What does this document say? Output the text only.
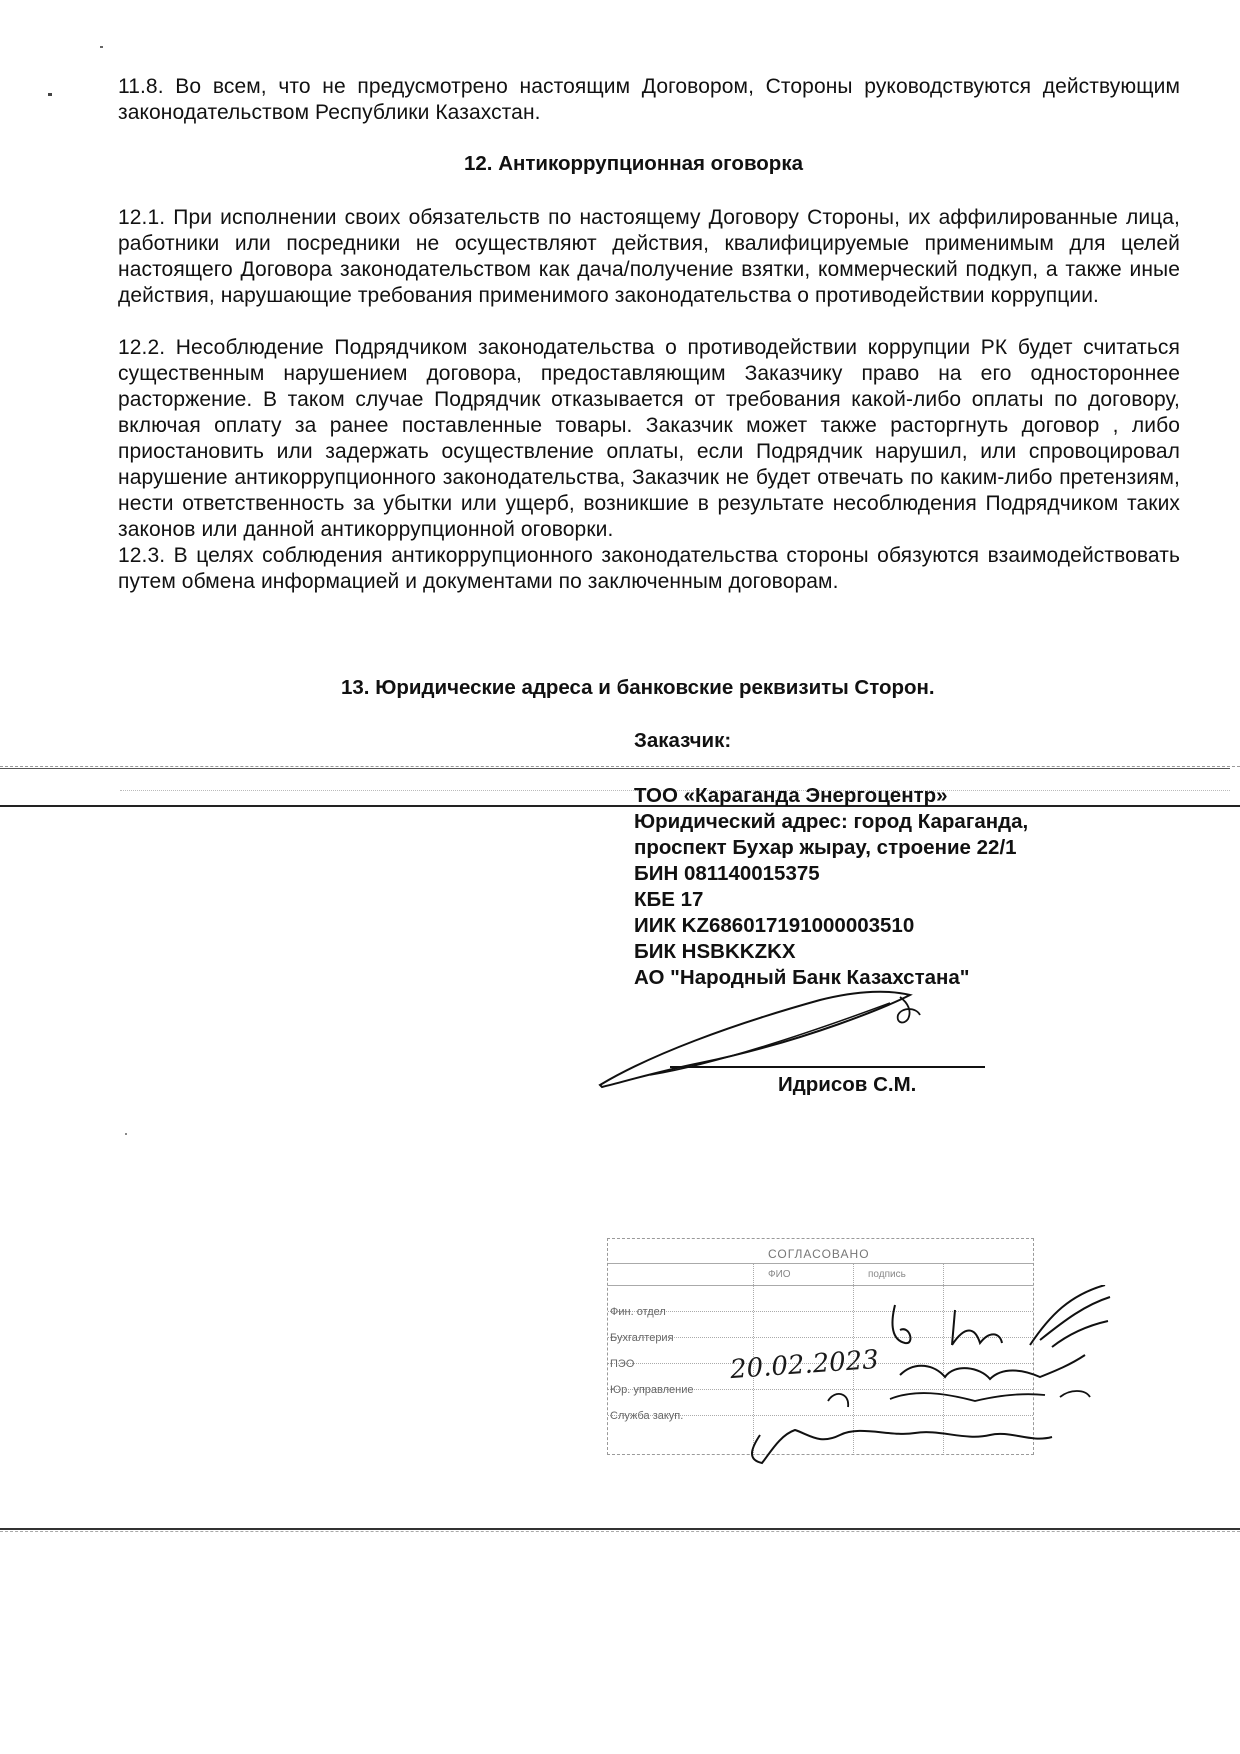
11.8. Во всем, что не предусмотрено настоящим Договором, Стороны руководствуются действующим законодательством Республики Казахстан.
12. Антикоррупционная оговорка
12.1. При исполнении своих обязательств по настоящему Договору Стороны, их аффилированные лица, работники или посредники не осуществляют действия, квалифицируемые применимым для целей настоящего Договора законодательством как дача/получение взятки, коммерческий подкуп, а также иные действия, нарушающие требования применимого законодательства о противодействии коррупции.
12.2. Несоблюдение Подрядчиком законодательства о противодействии коррупции РК будет считаться существенным нарушением договора, предоставляющим Заказчику право на его одностороннее расторжение. В таком случае Подрядчик отказывается от требования какой-либо оплаты по договору, включая оплату за ранее поставленные товары. Заказчик может также расторгнуть договор , либо приостановить или задержать осуществление оплаты, если Подрядчик нарушил, или спровоцировал нарушение антикоррупционного законодательства, Заказчик не будет отвечать по каким-либо претензиям, нести ответственность за убытки или ущерб, возникшие в результате несоблюдения Подрядчиком таких законов или данной антикоррупционной оговорки.
12.3. В целях соблюдения антикоррупционного законодательства стороны обязуются взаимодействовать путем обмена информацией и документами по заключенным договорам.
13. Юридические адреса и банковские реквизиты Сторон.
Заказчик:
ТОО «Караганда Энергоцентр»
Юридический адрес: город Караганда,
проспект Бухар жырау, строение 22/1
БИН 081140015375
КБЕ 17
ИИК KZ686017191000003510
БИК HSBKKZKX
АО "Народный Банк Казахстана"
Идрисов С.М.
СОГЛАСОВАНО
ФИО	подпись
Фин. отдел
Бухгалтерия
ПЭО
Юр. управление
Служба закуп.
20.02.2023
